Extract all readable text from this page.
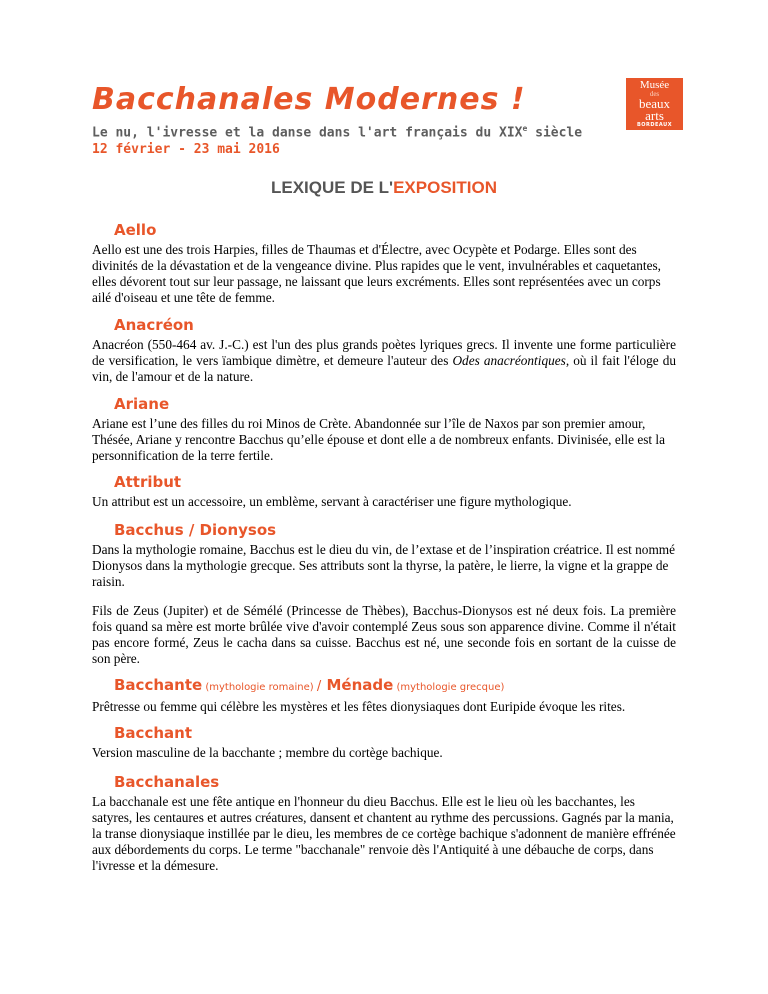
Bacchanales Modernes !
Le nu, l'ivresse et la danse dans l'art français du XIXe siècle
12 février - 23 mai 2016
Musée
des
beaux
arts
BORDEAUX
LEXIQUE DE L'EXPOSITION
Aello

Aello est une des trois Harpies, filles de Thaumas et d'Électre, avec Ocypète et Podarge. Elles sont des divinités de la dévastation et de la vengeance divine. Plus rapides que le vent, invulnérables et caquetantes, elles dévorent tout sur leur passage, ne laissant que leurs excréments. Elles sont représentées avec un corps ailé d'oiseau et une tête de femme.

Anacréon

Anacréon (550-464 av. J.-C.) est l'un des plus grands poètes lyriques grecs. Il invente une forme particulière de versification, le vers ïambique dimètre, et demeure l'auteur des Odes anacréontiques, où il fait l'éloge du vin, de l'amour et de la nature.

Ariane

Ariane est l’une des filles du roi Minos de Crète. Abandonnée sur l’île de Naxos par son premier amour, Thésée, Ariane y rencontre Bacchus qu’elle épouse et dont elle a de nombreux enfants. Divinisée, elle est la personnification de la terre fertile.

Attribut

Un attribut est un accessoire, un emblème, servant à caractériser une figure mythologique.

Bacchus / Dionysos

Dans la mythologie romaine, Bacchus est le dieu du vin, de l’extase et de l’inspiration créatrice. Il est nommé Dionysos dans la mythologie grecque. Ses attributs sont la thyrse, la patère, le lierre, la vigne et la grappe de raisin.

Fils de Zeus (Jupiter) et de Sémélé (Princesse de Thèbes), Bacchus-Dionysos est né deux fois. La première fois quand sa mère est morte brûlée vive d'avoir contemplé Zeus sous son apparence divine. Comme il n'était pas encore formé, Zeus le cacha dans sa cuisse. Bacchus est né, une seconde fois en sortant de la cuisse de son père.

Bacchante (mythologie romaine) / Ménade (mythologie grecque)

Prêtresse ou femme qui célèbre les mystères et les fêtes dionysiaques dont Euripide évoque les rites.

Bacchant

Version masculine de la bacchante ; membre du cortège bachique.

Bacchanales

La bacchanale est une fête antique en l'honneur du dieu Bacchus. Elle est le lieu où les bacchantes, les satyres, les centaures et autres créatures, dansent et chantent au rythme des percussions. Gagnés par la mania, la transe dionysiaque instillée par le dieu, les membres de ce cortège bachique s'adonnent de manière effrénée aux débordements du corps. Le terme "bacchanale" renvoie dès l'Antiquité à une débauche de corps, dans l'ivresse et la démesure.
